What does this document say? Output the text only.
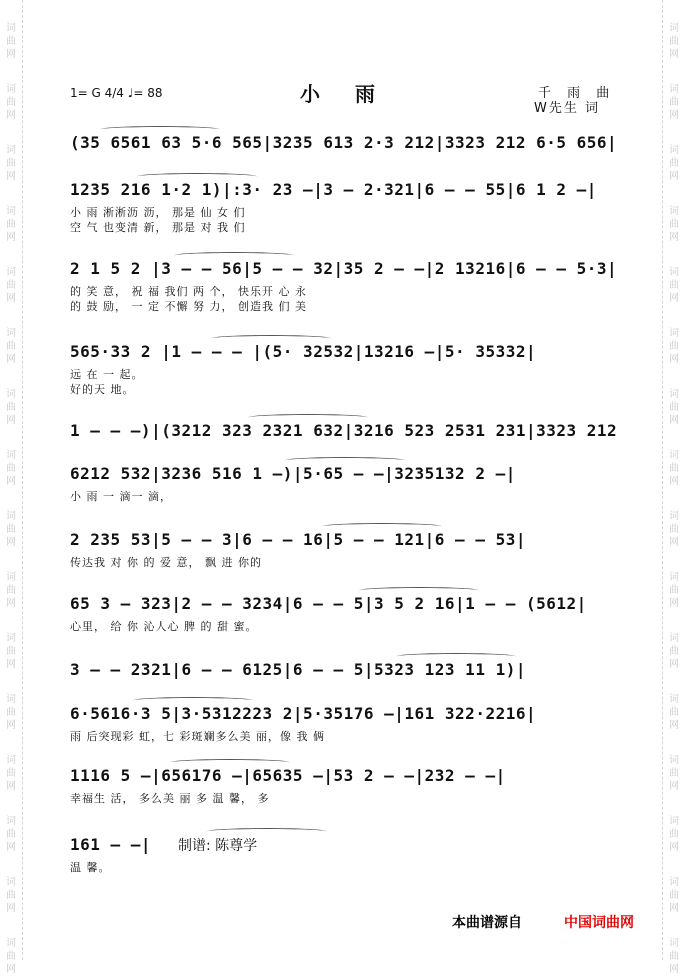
词
曲
网
词
曲
网
词
曲
网
词
曲
网
词
曲
网
词
曲
网
词
曲
网
词
曲
网
词
曲
网
词
曲
网
词
曲
网
词
曲
网
词
曲
网
词
曲
网
词
曲
网
词
曲
网
词
曲
网
词
曲
网
词
曲
网
词
曲
网
词
曲
网
词
曲
网
词
曲
网
词
曲
网
词
曲
网
词
曲
网
词
曲
网
词
曲
网
词
曲
网
词
曲
网
词
曲
网
词
曲
网
1= G 4/4 ♩= 88	小 雨	千 雨 曲
W先生 词
(35 6561 63 5·6 565|3235 613 2·3 212|3323 212 6·5 656|
1235 216 1·2 1)|:3· 23 —|3 — 2·321|6 — — 55|6 1 2 —|
小 雨 淅淅沥 沥， 那是 仙 女 们
空 气 也变清 新， 那是 对 我 们
2 1 5 2 |3 — — 56|5 — — 32|35 2 — —|2 13216|6 — — 5·3|
的 笑 意， 祝 福 我们 两 个， 快乐开 心 永
的 鼓 励， 一 定 不懈 努 力， 创造我 们 美
565·33 2 |1 — — — |(5· 32532|13216 —|5· 35332|
远 在 一 起。
好的天 地。
1 — — —)|(3212 323 2321 632|3216 523 2531 231|3323 212
6212 532|3236 516 1 —)|5·65 — —|3235132 2 —|
小 雨 一 滴一 滴，
2 235 53|5 — — 3|6 — — 16|5 — — 121|6 — — 53|
传达我 对 你 的 爱 意， 飘 进 你的
65 3 — 323|2 — — 3234|6 — — 5|3 5 2 16|1 — — (5612|
心里， 给 你 沁人心 脾 的 甜 蜜。
3 — — 2321|6 — — 6125|6 — — 5|5323 123 11 1)|
6·5616·3 5|3·5312223 2|5·35176 —|161 322·2216|
雨 后突现彩 虹，七 彩斑斓多么美 丽，像 我 俩
1116 5 —|656176 —|65635 —|53 2 — —|232 — —|
幸福生 活， 多么美 丽 多 温 馨， 多
161 — —|
温 馨。
制谱: 陈尊学
本曲谱源自	中国词曲网
